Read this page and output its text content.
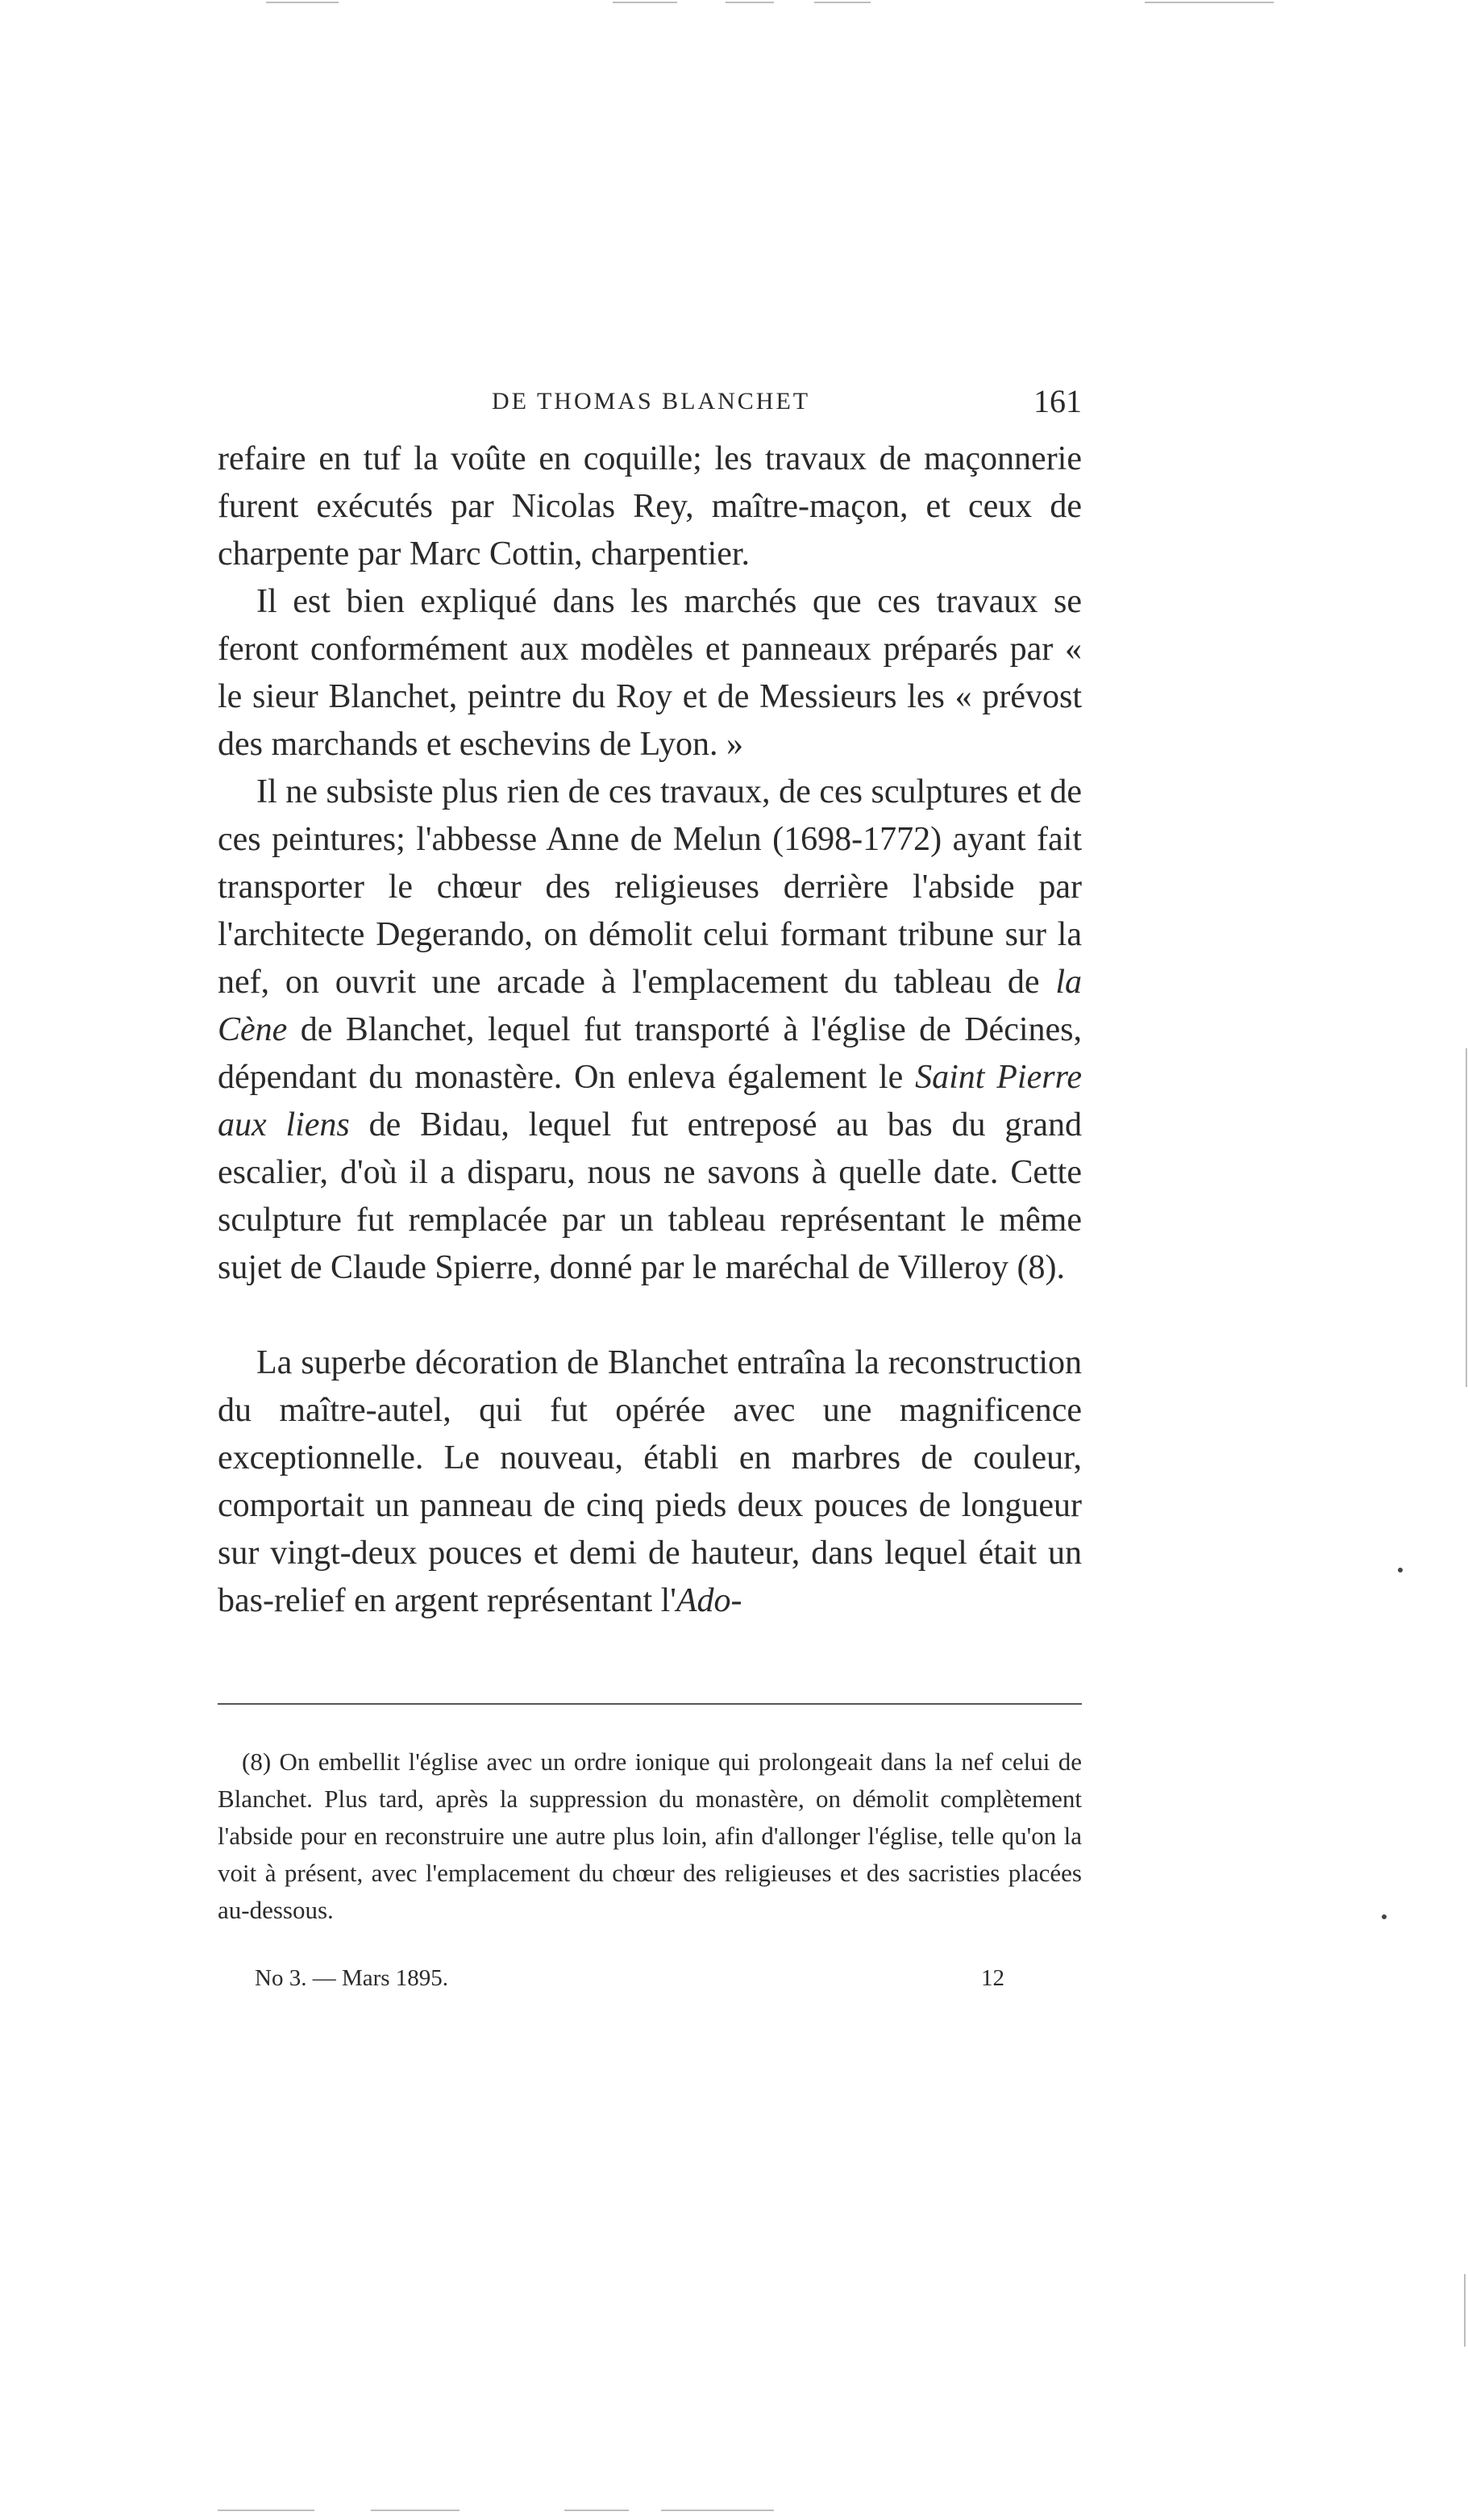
DE THOMAS BLANCHET	161

refaire en tuf la voûte en coquille; les travaux de maçonnerie furent exécutés par Nicolas Rey, maître-maçon, et ceux de charpente par Marc Cottin, charpentier.

Il est bien expliqué dans les marchés que ces travaux se feront conformément aux modèles et panneaux préparés par « le sieur Blanchet, peintre du Roy et de Messieurs les « prévost des marchands et eschevins de Lyon. »

Il ne subsiste plus rien de ces travaux, de ces sculptures et de ces peintures; l'abbesse Anne de Melun (1698-1772) ayant fait transporter le chœur des religieuses derrière l'abside par l'architecte Degerando, on démolit celui formant tribune sur la nef, on ouvrit une arcade à l'emplacement du tableau de la Cène de Blanchet, lequel fut transporté à l'église de Décines, dépendant du monastère. On enleva également le Saint Pierre aux liens de Bidau, lequel fut entreposé au bas du grand escalier, d'où il a disparu, nous ne savons à quelle date. Cette sculpture fut remplacée par un tableau représentant le même sujet de Claude Spierre, donné par le maréchal de Villeroy (8).

La superbe décoration de Blanchet entraîna la reconstruction du maître-autel, qui fut opérée avec une magnificence exceptionnelle. Le nouveau, établi en marbres de couleur, comportait un panneau de cinq pieds deux pouces de longueur sur vingt-deux pouces et demi de hauteur, dans lequel était un bas-relief en argent représentant l'Ado-

(8) On embellit l'église avec un ordre ionique qui prolongeait dans la nef celui de Blanchet. Plus tard, après la suppression du monastère, on démolit complètement l'abside pour en reconstruire une autre plus loin, afin d'allonger l'église, telle qu'on la voit à présent, avec l'emplacement du chœur des religieuses et des sacristies placées au-dessous.

No 3. — Mars 1895.	12
